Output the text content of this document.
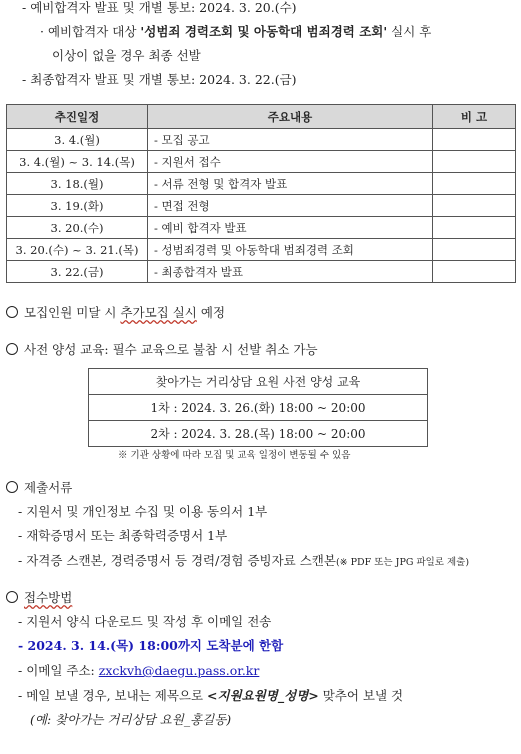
- 예비합격자 발표 및 개별 통보: 2024. 3. 20.(수)
· 예비합격자 대상 '성범죄 경력조회 및 아동학대 범죄경력 조회' 실시 후
이상이 없을 경우 최종 선발
- 최종합격자 발표 및 개별 통보: 2024. 3. 22.(금)
추진일정	주요내용	비 고
3. 4.(월)	- 모집 공고	
3. 4.(월) ~ 3. 14.(목)	- 지원서 접수	
3. 18.(월)	- 서류 전형 및 합격자 발표	
3. 19.(화)	- 면접 전형	
3. 20.(수)	- 예비 합격자 발표	
3. 20.(수) ~ 3. 21.(목)	- 성범죄경력 및 아동학대 범죄경력 조회	
3. 22.(금)	- 최종합격자 발표	
모집인원 미달 시 추가모집 실시 예정
사전 양성 교육: 필수 교육으로 불참 시 선발 취소 가능
찾아가는 거리상담 요원 사전 양성 교육
1차 : 2024. 3. 26.(화) 18:00 ~ 20:00
2차 : 2024. 3. 28.(목) 18:00 ~ 20:00
※ 기관 상황에 따라 모집 및 교육 일정이 변동될 수 있음
제출서류
- 지원서 및 개인정보 수집 및 이용 동의서 1부
- 재학증명서 또는 최종학력증명서 1부
- 자격증 스캔본, 경력증명서 등 경력/경험 증빙자료 스캔본(※ PDF 또는 JPG 파일로 제출)
접수방법
- 지원서 양식 다운로드 및 작성 후 이메일 전송
- 2024. 3. 14.(목) 18:00까지 도착분에 한함
- 이메일 주소: zxckvh@daegu.pass.or.kr
- 메일 보낼 경우, 보내는 제목으로 <지원요원명_성명> 맞추어 보낼 것
(예: 찾아가는 거리상담 요원_홍길동)
